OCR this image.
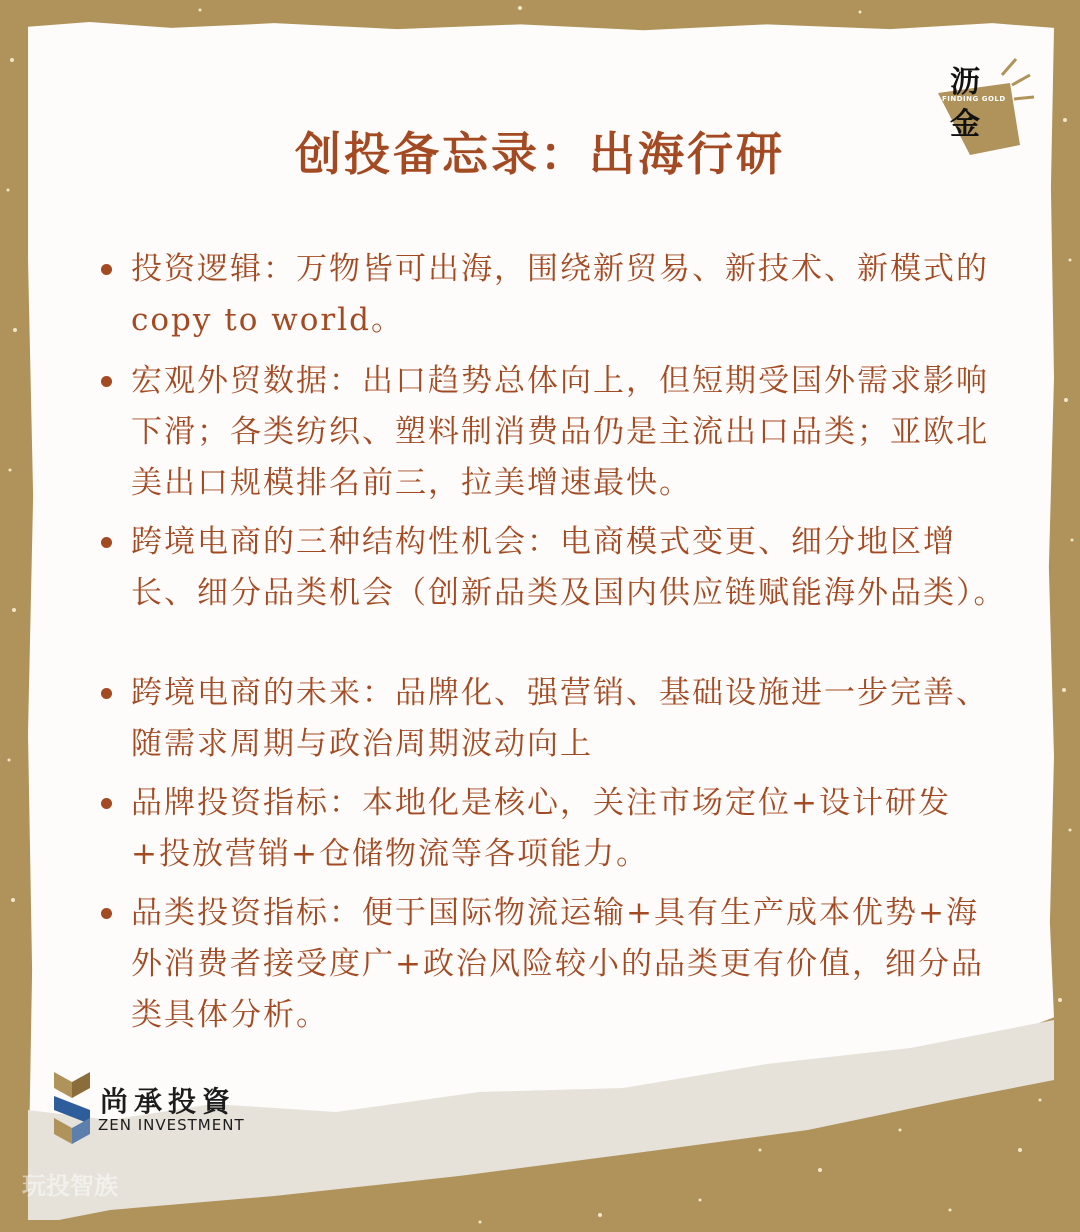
创投备忘录：出海行研
沥
FINDING GOLD
金
投资逻辑：万物皆可出海，围绕新贸易、新技术、新模式的copy to world。
宏观外贸数据：出口趋势总体向上，但短期受国外需求影响下滑；各类纺织、塑料制消费品仍是主流出口品类；亚欧北美出口规模排名前三，拉美增速最快。
跨境电商的三种结构性机会：电商模式变更、细分地区增长、细分品类机会（创新品类及国内供应链赋能海外品类）。
跨境电商的未来：品牌化、强营销、基础设施进一步完善、随需求周期与政治周期波动向上
品牌投资指标：本地化是核心，关注市场定位+设计研发+投放营销+仓储物流等各项能力。
品类投资指标：便于国际物流运输+具有生产成本优势+海外消费者接受度广+政治风险较小的品类更有价值，细分品类具体分析。
尚承投資
ZEN INVESTMENT
玩投智族
